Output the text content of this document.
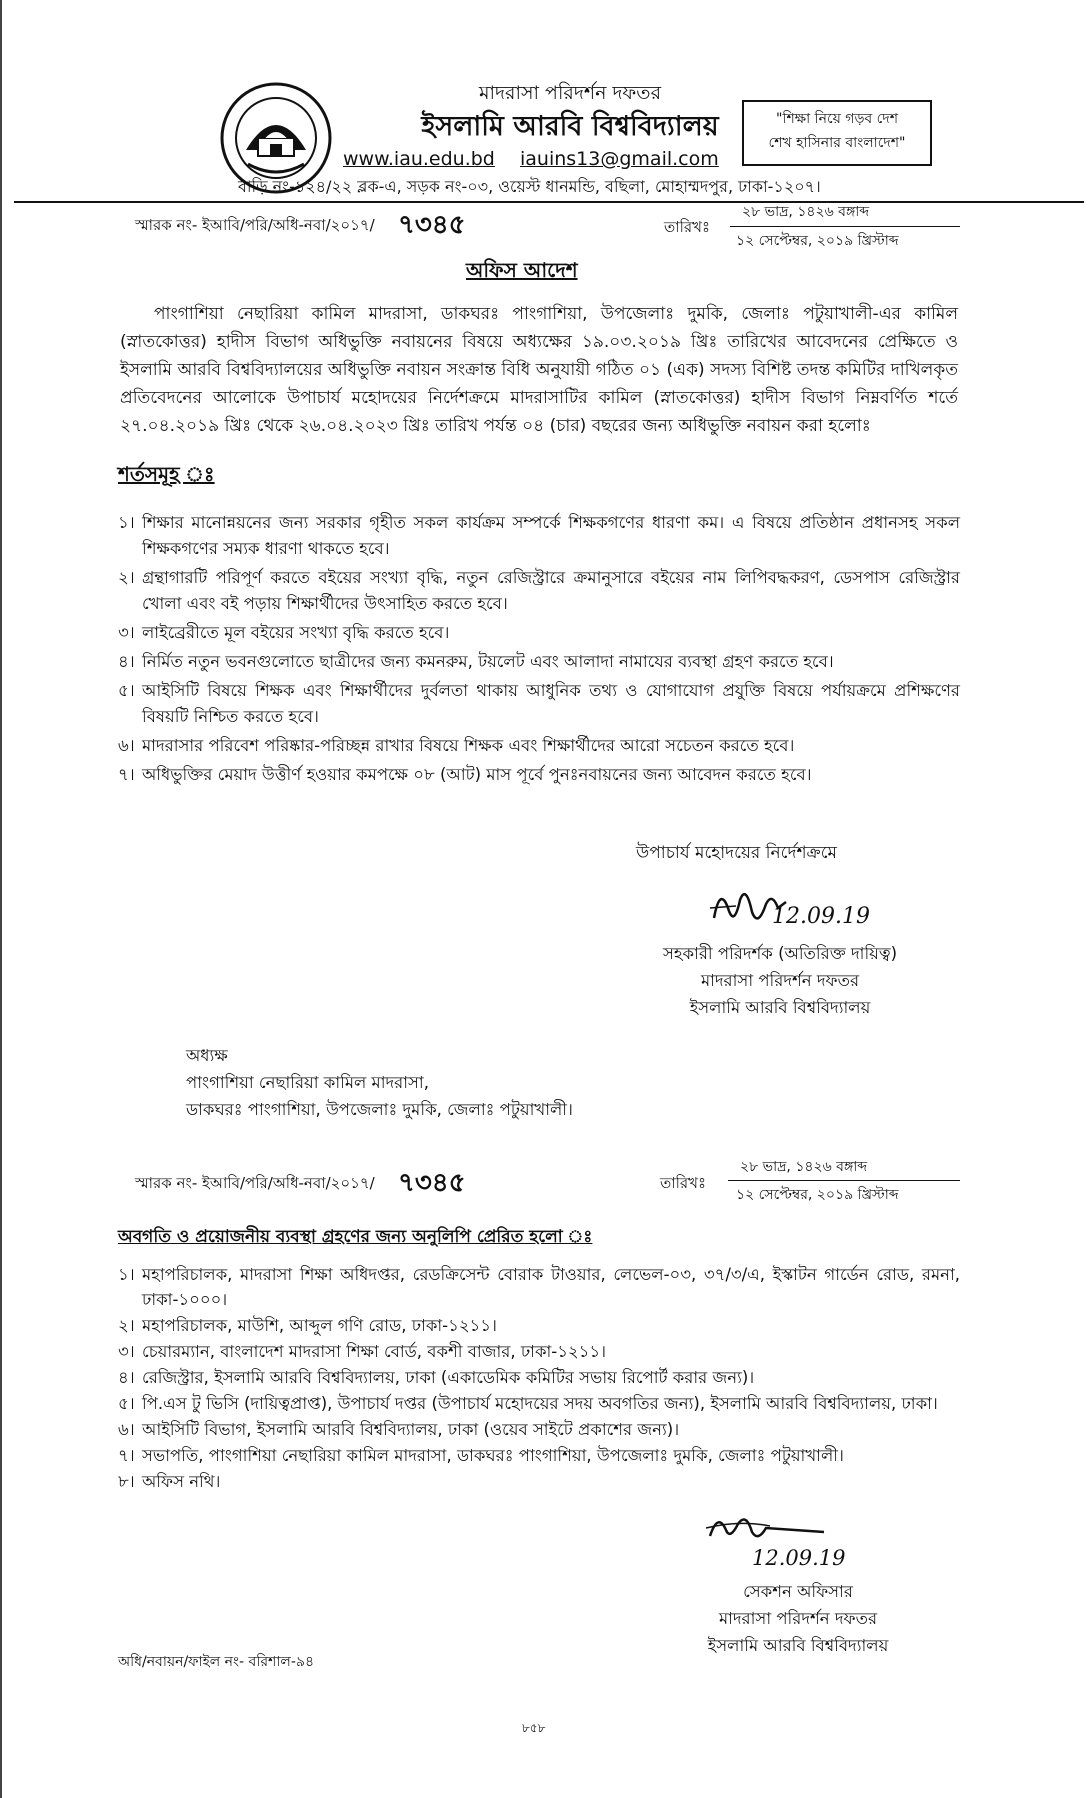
মাদরাসা পরিদর্শন দফতর
ইসলামি আরবি বিশ্ববিদ্যালয়
www.iau.edu.bd iauins13@gmail.com
বাড়ি নং-১২৪/২২ ব্লক-এ, সড়ক নং-০৩, ওয়েস্ট ধানমন্ডি, বছিলা, মোহাম্মদপুর, ঢাকা-১২০৭।
"শিক্ষা নিয়ে গড়ব দেশ
শেখ হাসিনার বাংলাদেশ"
স্মারক নং- ইআবি/পরি/অধি-নবা/২০১৭/ ৭৩৪৫	তারিখঃ
২৮ ভাদ্র, ১৪২৬ বঙ্গাব্দ
১২ সেপ্টেম্বর, ২০১৯ খ্রিস্টাব্দ
অফিস আদেশ
পাংগাশিয়া নেছারিয়া কামিল মাদরাসা, ডাকঘরঃ পাংগাশিয়া, উপজেলাঃ দুমকি, জেলাঃ পটুয়াখালী-এর কামিল (স্নাতকোত্তর) হাদীস বিভাগ অধিভুক্তি নবায়নের বিষয়ে অধ্যক্ষের ১৯.০৩.২০১৯ খ্রিঃ তারিখের আবেদনের প্রেক্ষিতে ও ইসলামি আরবি বিশ্ববিদ্যালয়ের অধিভুক্তি নবায়ন সংক্রান্ত বিধি অনুযায়ী গঠিত ০১ (এক) সদস্য বিশিষ্ট তদন্ত কমিটির দাখিলকৃত প্রতিবেদনের আলোকে উপাচার্য মহোদয়ের নির্দেশক্রমে মাদরাসাটির কামিল (স্নাতকোত্তর) হাদীস বিভাগ নিম্নবর্ণিত শর্তে ২৭.০৪.২০১৯ খ্রিঃ থেকে ২৬.০৪.২০২৩ খ্রিঃ তারিখ পর্যন্ত ০৪ (চার) বছরের জন্য অধিভুক্তি নবায়ন করা হলোঃ
শর্তসমূহ ঃ
১। শিক্ষার মানোন্নয়নের জন্য সরকার গৃহীত সকল কার্যক্রম সম্পর্কে শিক্ষকগণের ধারণা কম। এ বিষয়ে প্রতিষ্ঠান প্রধানসহ সকল শিক্ষকগণের সম্যক ধারণা থাকতে হবে।
২। গ্রন্থাগারটি পরিপূর্ণ করতে বইয়ের সংখ্যা বৃদ্ধি, নতুন রেজিস্ট্রারে ক্রমানুসারে বইয়ের নাম লিপিবদ্ধকরণ, ডেসপাস রেজিস্ট্রার খোলা এবং বই পড়ায় শিক্ষার্থীদের উৎসাহিত করতে হবে।
৩। লাইব্রেরীতে মূল বইয়ের সংখ্যা বৃদ্ধি করতে হবে।
৪। নির্মিত নতুন ভবনগুলোতে ছাত্রীদের জন্য কমনরুম, টয়লেট এবং আলাদা নামাযের ব্যবস্থা গ্রহণ করতে হবে।
৫। আইসিটি বিষয়ে শিক্ষক এবং শিক্ষার্থীদের দুর্বলতা থাকায় আধুনিক তথ্য ও যোগাযোগ প্রযুক্তি বিষয়ে পর্যায়ক্রমে প্রশিক্ষণের বিষয়টি নিশ্চিত করতে হবে।
৬। মাদরাসার পরিবেশ পরিষ্কার-পরিচ্ছন্ন রাখার বিষয়ে শিক্ষক এবং শিক্ষার্থীদের আরো সচেতন করতে হবে।
৭। অধিভুক্তির মেয়াদ উত্তীর্ণ হওয়ার কমপক্ষে ০৮ (আট) মাস পূর্বে পুনঃনবায়নের জন্য আবেদন করতে হবে।
উপাচার্য মহোদয়ের নির্দেশক্রমে
12.09.19
সহকারী পরিদর্শক (অতিরিক্ত দায়িত্ব)
মাদরাসা পরিদর্শন দফতর
ইসলামি আরবি বিশ্ববিদ্যালয়
অধ্যক্ষ
পাংগাশিয়া নেছারিয়া কামিল মাদরাসা,
ডাকঘরঃ পাংগাশিয়া, উপজেলাঃ দুমকি, জেলাঃ পটুয়াখালী।
স্মারক নং- ইআবি/পরি/অধি-নবা/২০১৭/ ৭৩৪৫	তারিখঃ
২৮ ভাদ্র, ১৪২৬ বঙ্গাব্দ
১২ সেপ্টেম্বর, ২০১৯ খ্রিস্টাব্দ
অবগতি ও প্রয়োজনীয় ব্যবস্থা গ্রহণের জন্য অনুলিপি প্রেরিত হলো ঃ
১। মহাপরিচালক, মাদরাসা শিক্ষা অধিদপ্তর, রেডক্রিসেন্ট বোরাক টাওয়ার, লেভেল-০৩, ৩৭/৩/এ, ইস্কাটন গার্ডেন রোড, রমনা, ঢাকা-১০০০।
২। মহাপরিচালক, মাউশি, আব্দুল গণি রোড, ঢাকা-১২১১।
৩। চেয়ারম্যান, বাংলাদেশ মাদরাসা শিক্ষা বোর্ড, বকশী বাজার, ঢাকা-১২১১।
৪। রেজিস্ট্রার, ইসলামি আরবি বিশ্ববিদ্যালয়, ঢাকা (একাডেমিক কমিটির সভায় রিপোর্ট করার জন্য)।
৫। পি.এস টু ভিসি (দায়িত্বপ্রাপ্ত), উপাচার্য দপ্তর (উপাচার্য মহোদয়ের সদয় অবগতির জন্য), ইসলামি আরবি বিশ্ববিদ্যালয়, ঢাকা।
৬। আইসিটি বিভাগ, ইসলামি আরবি বিশ্ববিদ্যালয়, ঢাকা (ওয়েব সাইটে প্রকাশের জন্য)।
৭। সভাপতি, পাংগাশিয়া নেছারিয়া কামিল মাদরাসা, ডাকঘরঃ পাংগাশিয়া, উপজেলাঃ দুমকি, জেলাঃ পটুয়াখালী।
৮। অফিস নথি।
12.09.19
সেকশন অফিসার
মাদরাসা পরিদর্শন দফতর
ইসলামি আরবি বিশ্ববিদ্যালয়
অধি/নবায়ন/ফাইল নং- বরিশাল-৯৪
৮৫৮
